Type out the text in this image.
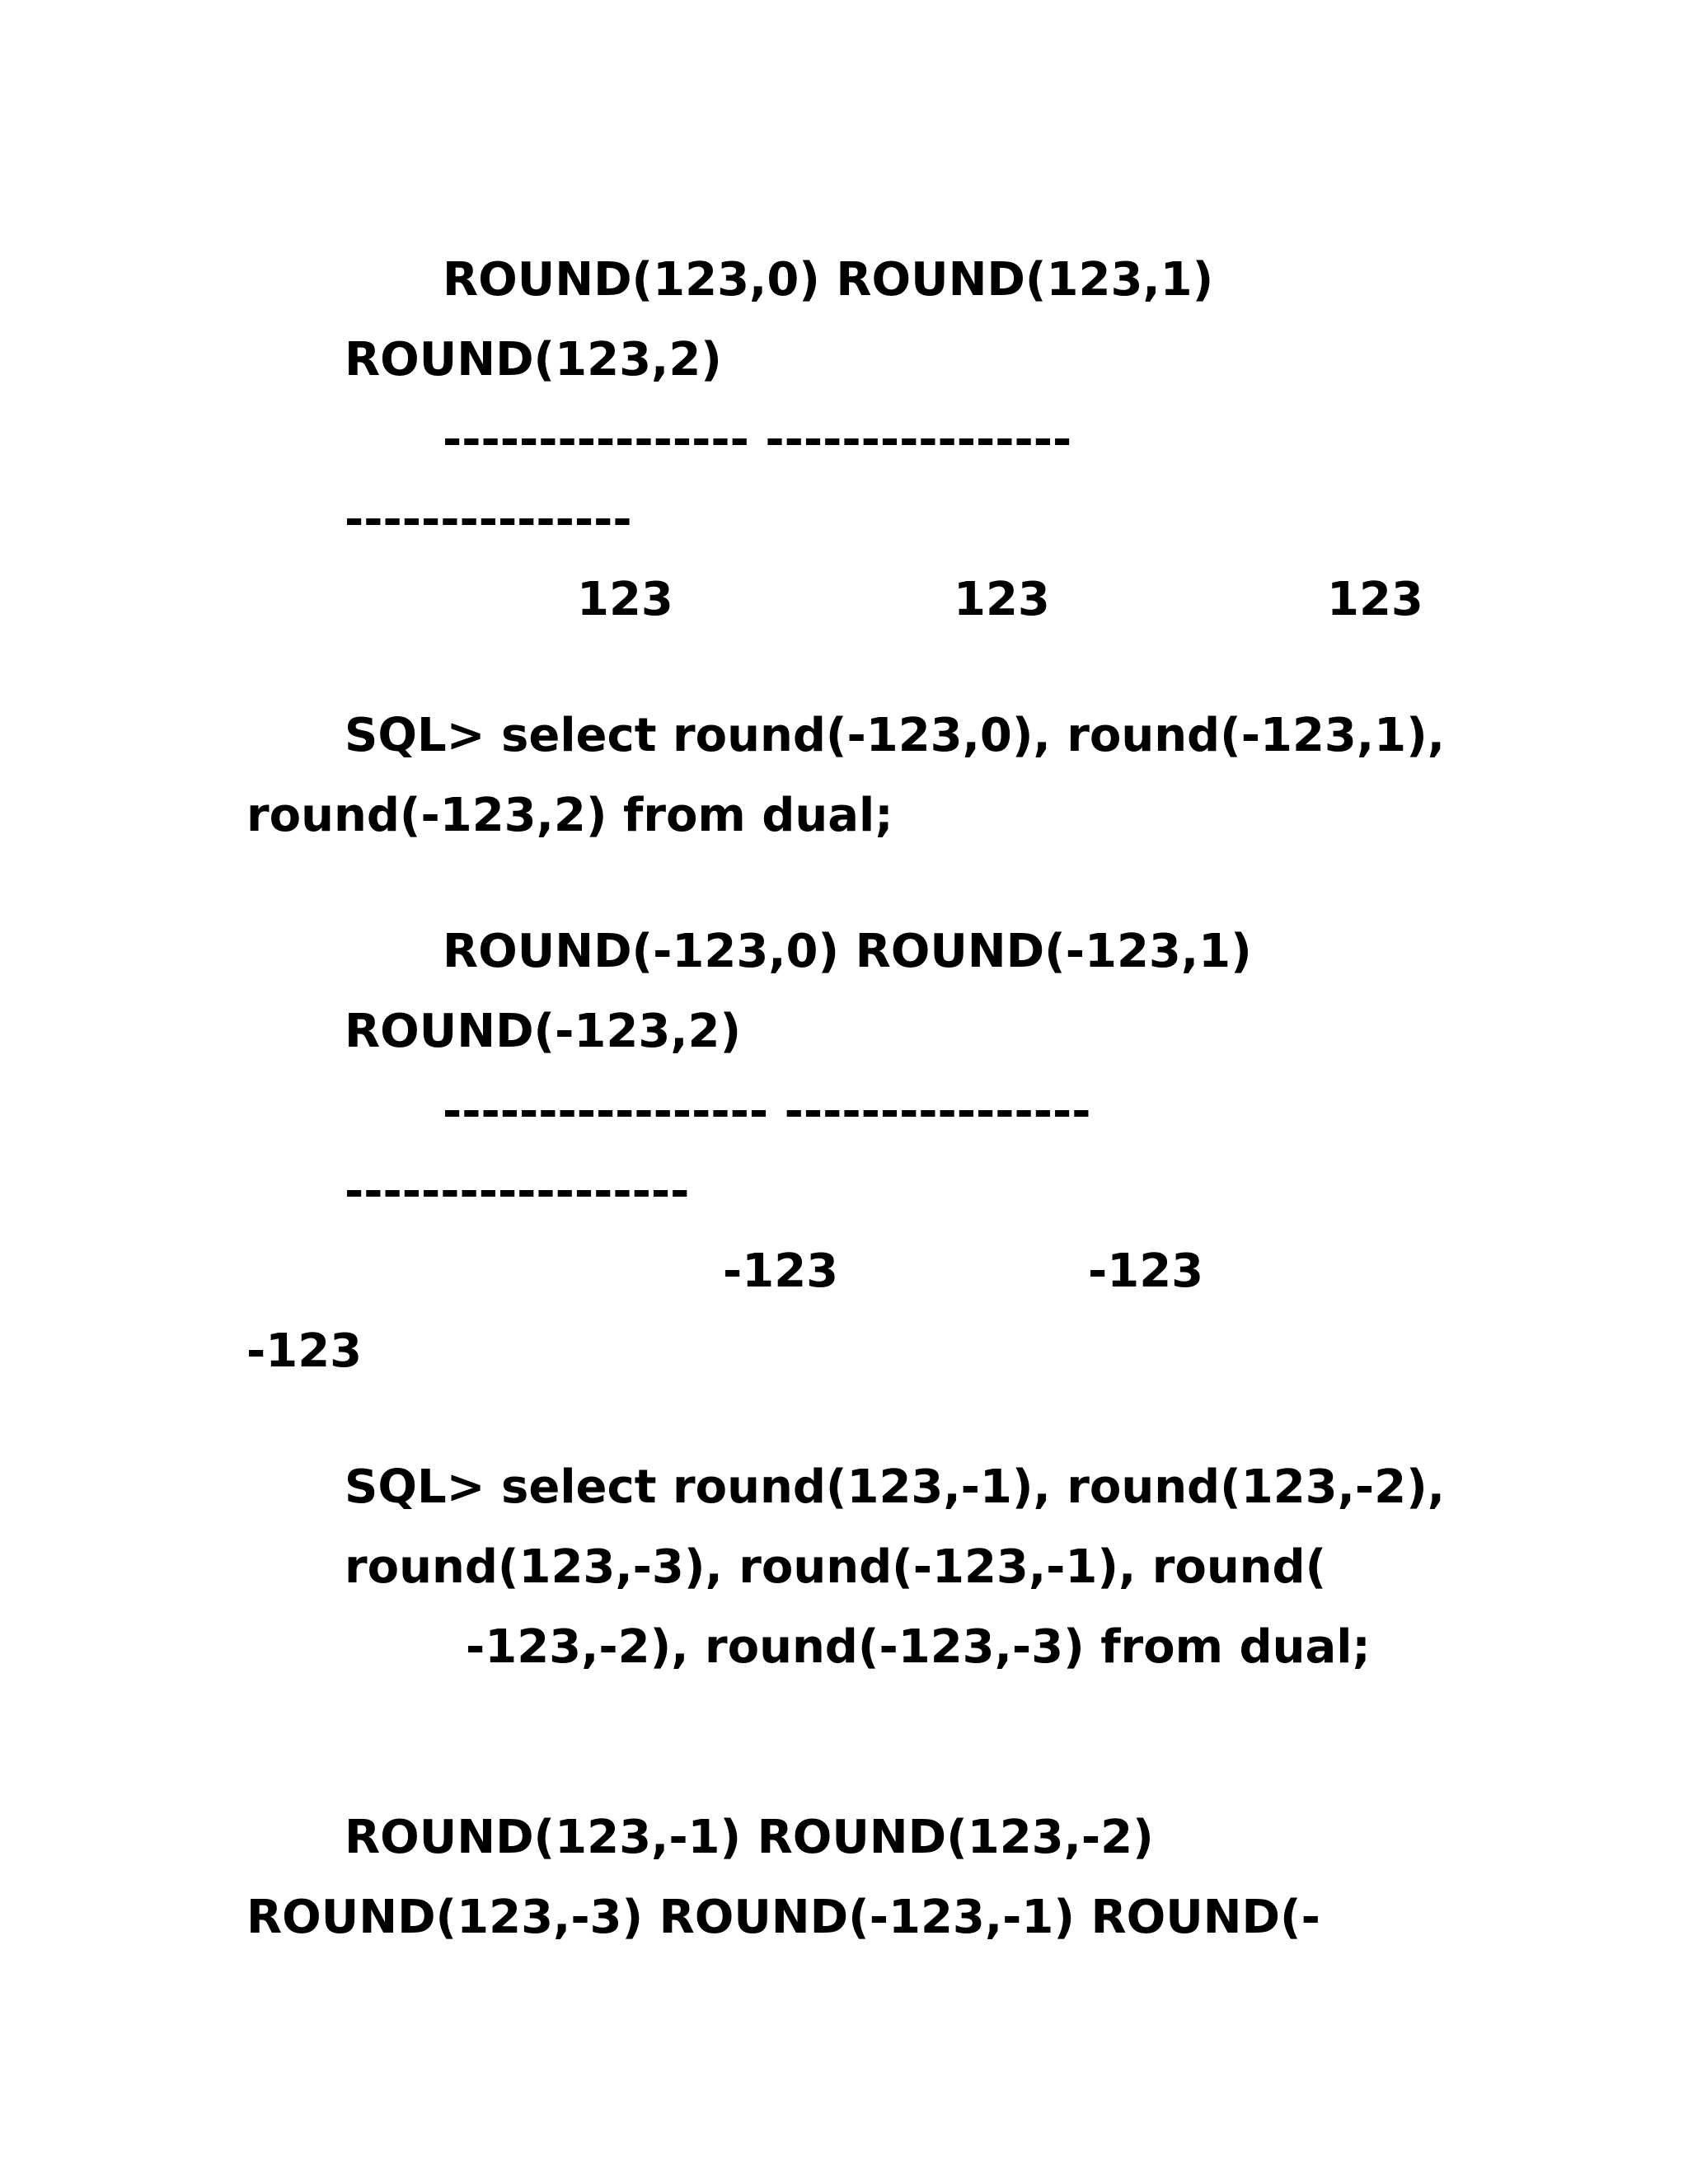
ROUND(123,0) ROUND(123,1)

ROUND(123,2)

---------------- ----------------

---------------

123	123	123

SQL> select round(-123,0), round(-123,1),

round(-123,2) from dual;

ROUND(-123,0) ROUND(-123,1)

ROUND(-123,2)

----------------- ----------------

------------------

-123	-123

-123

SQL> select round(123,-1), round(123,-2),

round(123,-3), round(-123,-1), round(

-123,-2), round(-123,-3) from dual;

ROUND(123,-1) ROUND(123,-2)

ROUND(123,-3) ROUND(-123,-1) ROUND(-
